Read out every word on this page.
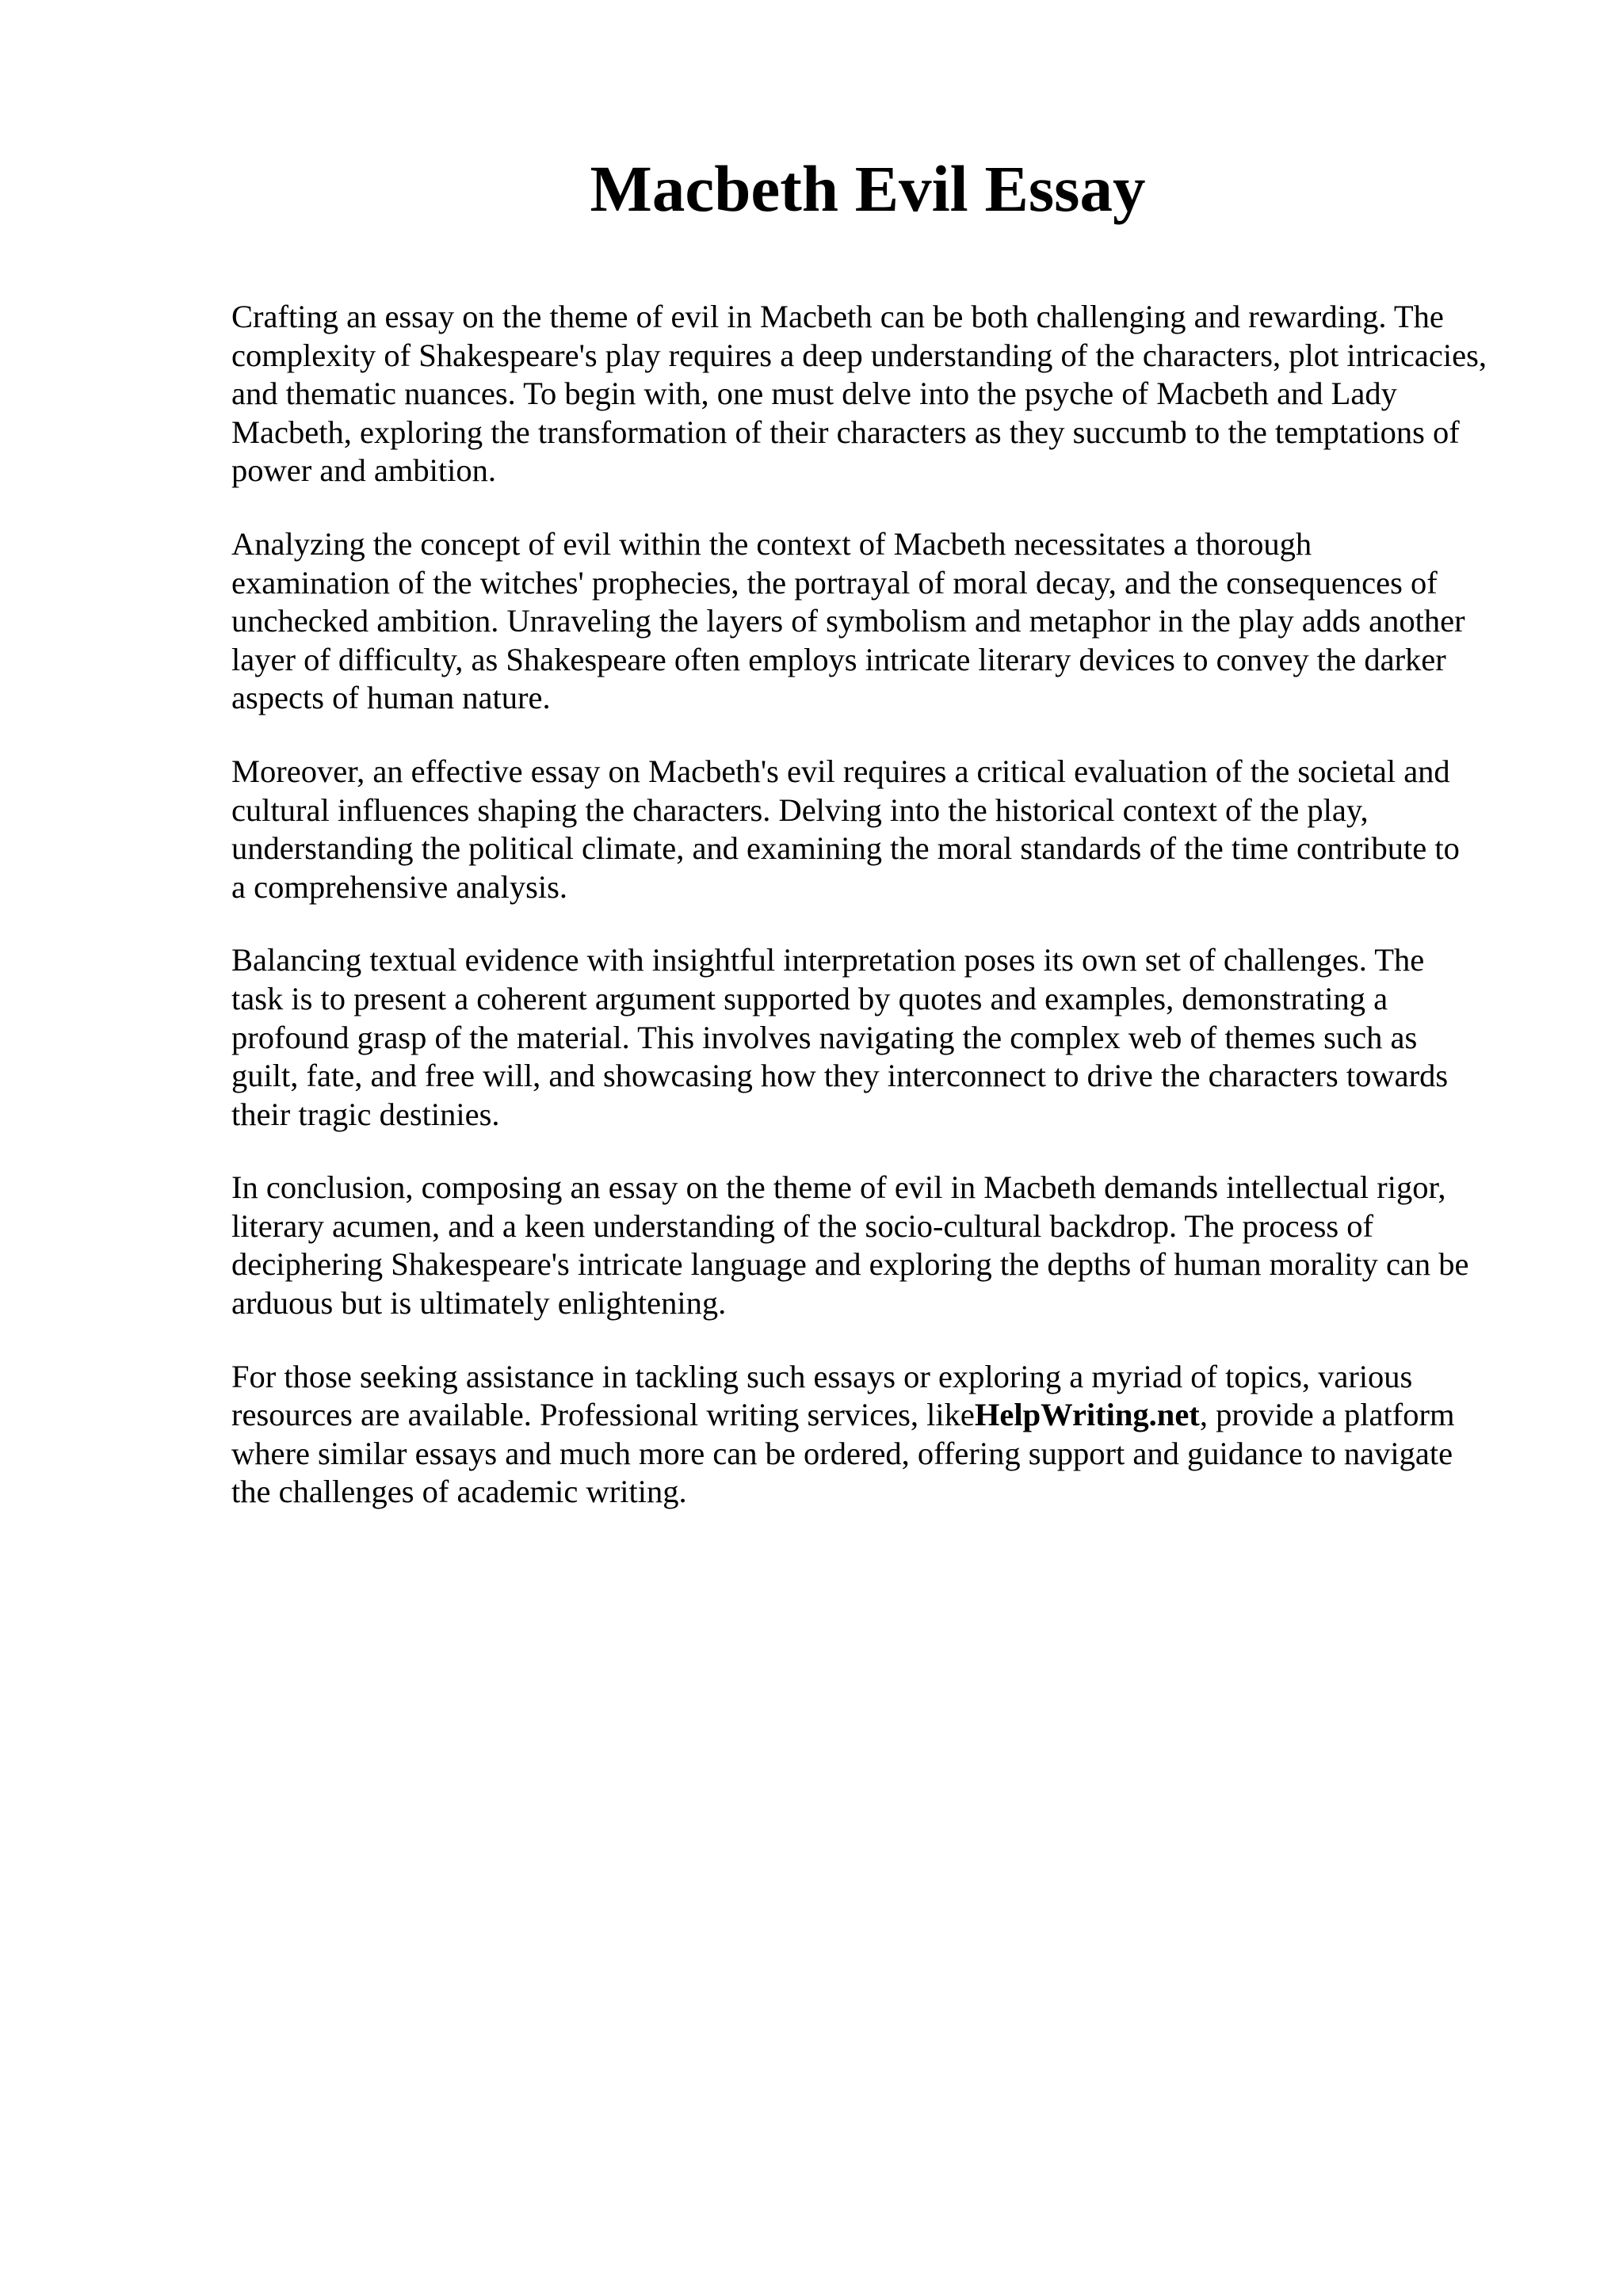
Macbeth Evil Essay

Crafting an essay on the theme of evil in Macbeth can be both challenging and rewarding. The
complexity of Shakespeare's play requires a deep understanding of the characters, plot intricacies,
and thematic nuances. To begin with, one must delve into the psyche of Macbeth and Lady
Macbeth, exploring the transformation of their characters as they succumb to the temptations of
power and ambition.

Analyzing the concept of evil within the context of Macbeth necessitates a thorough
examination of the witches' prophecies, the portrayal of moral decay, and the consequences of
unchecked ambition. Unraveling the layers of symbolism and metaphor in the play adds another
layer of difficulty, as Shakespeare often employs intricate literary devices to convey the darker
aspects of human nature.

Moreover, an effective essay on Macbeth's evil requires a critical evaluation of the societal and
cultural influences shaping the characters. Delving into the historical context of the play,
understanding the political climate, and examining the moral standards of the time contribute to
a comprehensive analysis.

Balancing textual evidence with insightful interpretation poses its own set of challenges. The
task is to present a coherent argument supported by quotes and examples, demonstrating a
profound grasp of the material. This involves navigating the complex web of themes such as
guilt, fate, and free will, and showcasing how they interconnect to drive the characters towards
their tragic destinies.

In conclusion, composing an essay on the theme of evil in Macbeth demands intellectual rigor,
literary acumen, and a keen understanding of the socio-cultural backdrop. The process of
deciphering Shakespeare's intricate language and exploring the depths of human morality can be
arduous but is ultimately enlightening.

For those seeking assistance in tackling such essays or exploring a myriad of topics, various
resources are available. Professional writing services, likeHelpWriting.net, provide a platform
where similar essays and much more can be ordered, offering support and guidance to navigate
the challenges of academic writing.
